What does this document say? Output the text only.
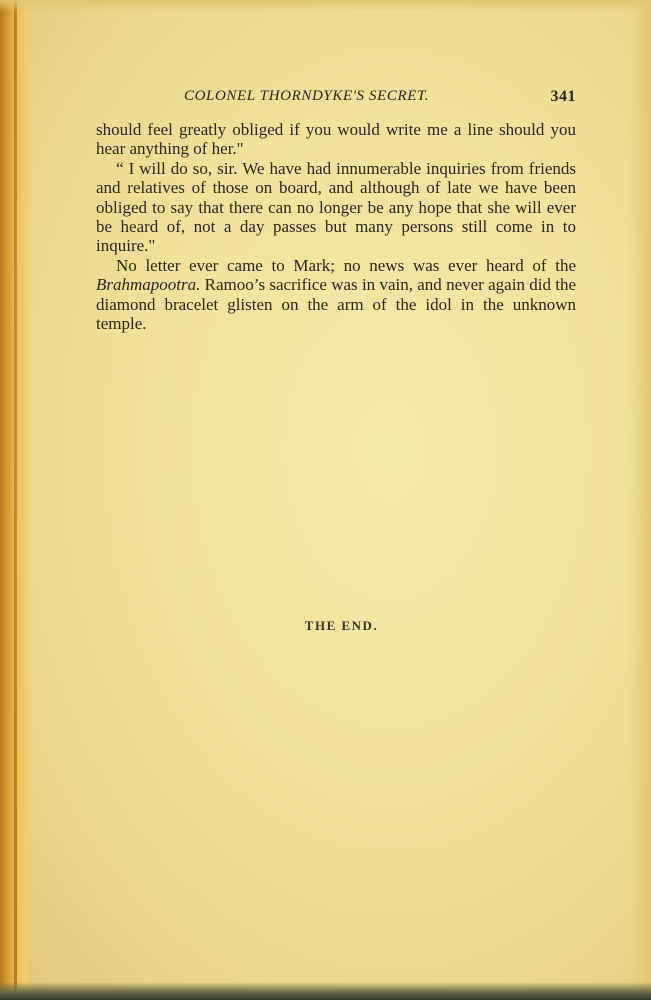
COLONEL THORNDYKE'S SECRET.	341

should feel greatly obliged if you would write me a line should you hear anything of her."

“ I will do so, sir. We have had innumerable inquiries from friends and relatives of those on board, and although of late we have been obliged to say that there can no longer be any hope that she will ever be heard of, not a day passes but many persons still come in to inquire."

No letter ever came to Mark; no news was ever heard of the Brahmapootra. Ramoo’s sacrifice was in vain, and never again did the diamond bracelet glisten on the arm of the idol in the unknown temple.

THE END.
